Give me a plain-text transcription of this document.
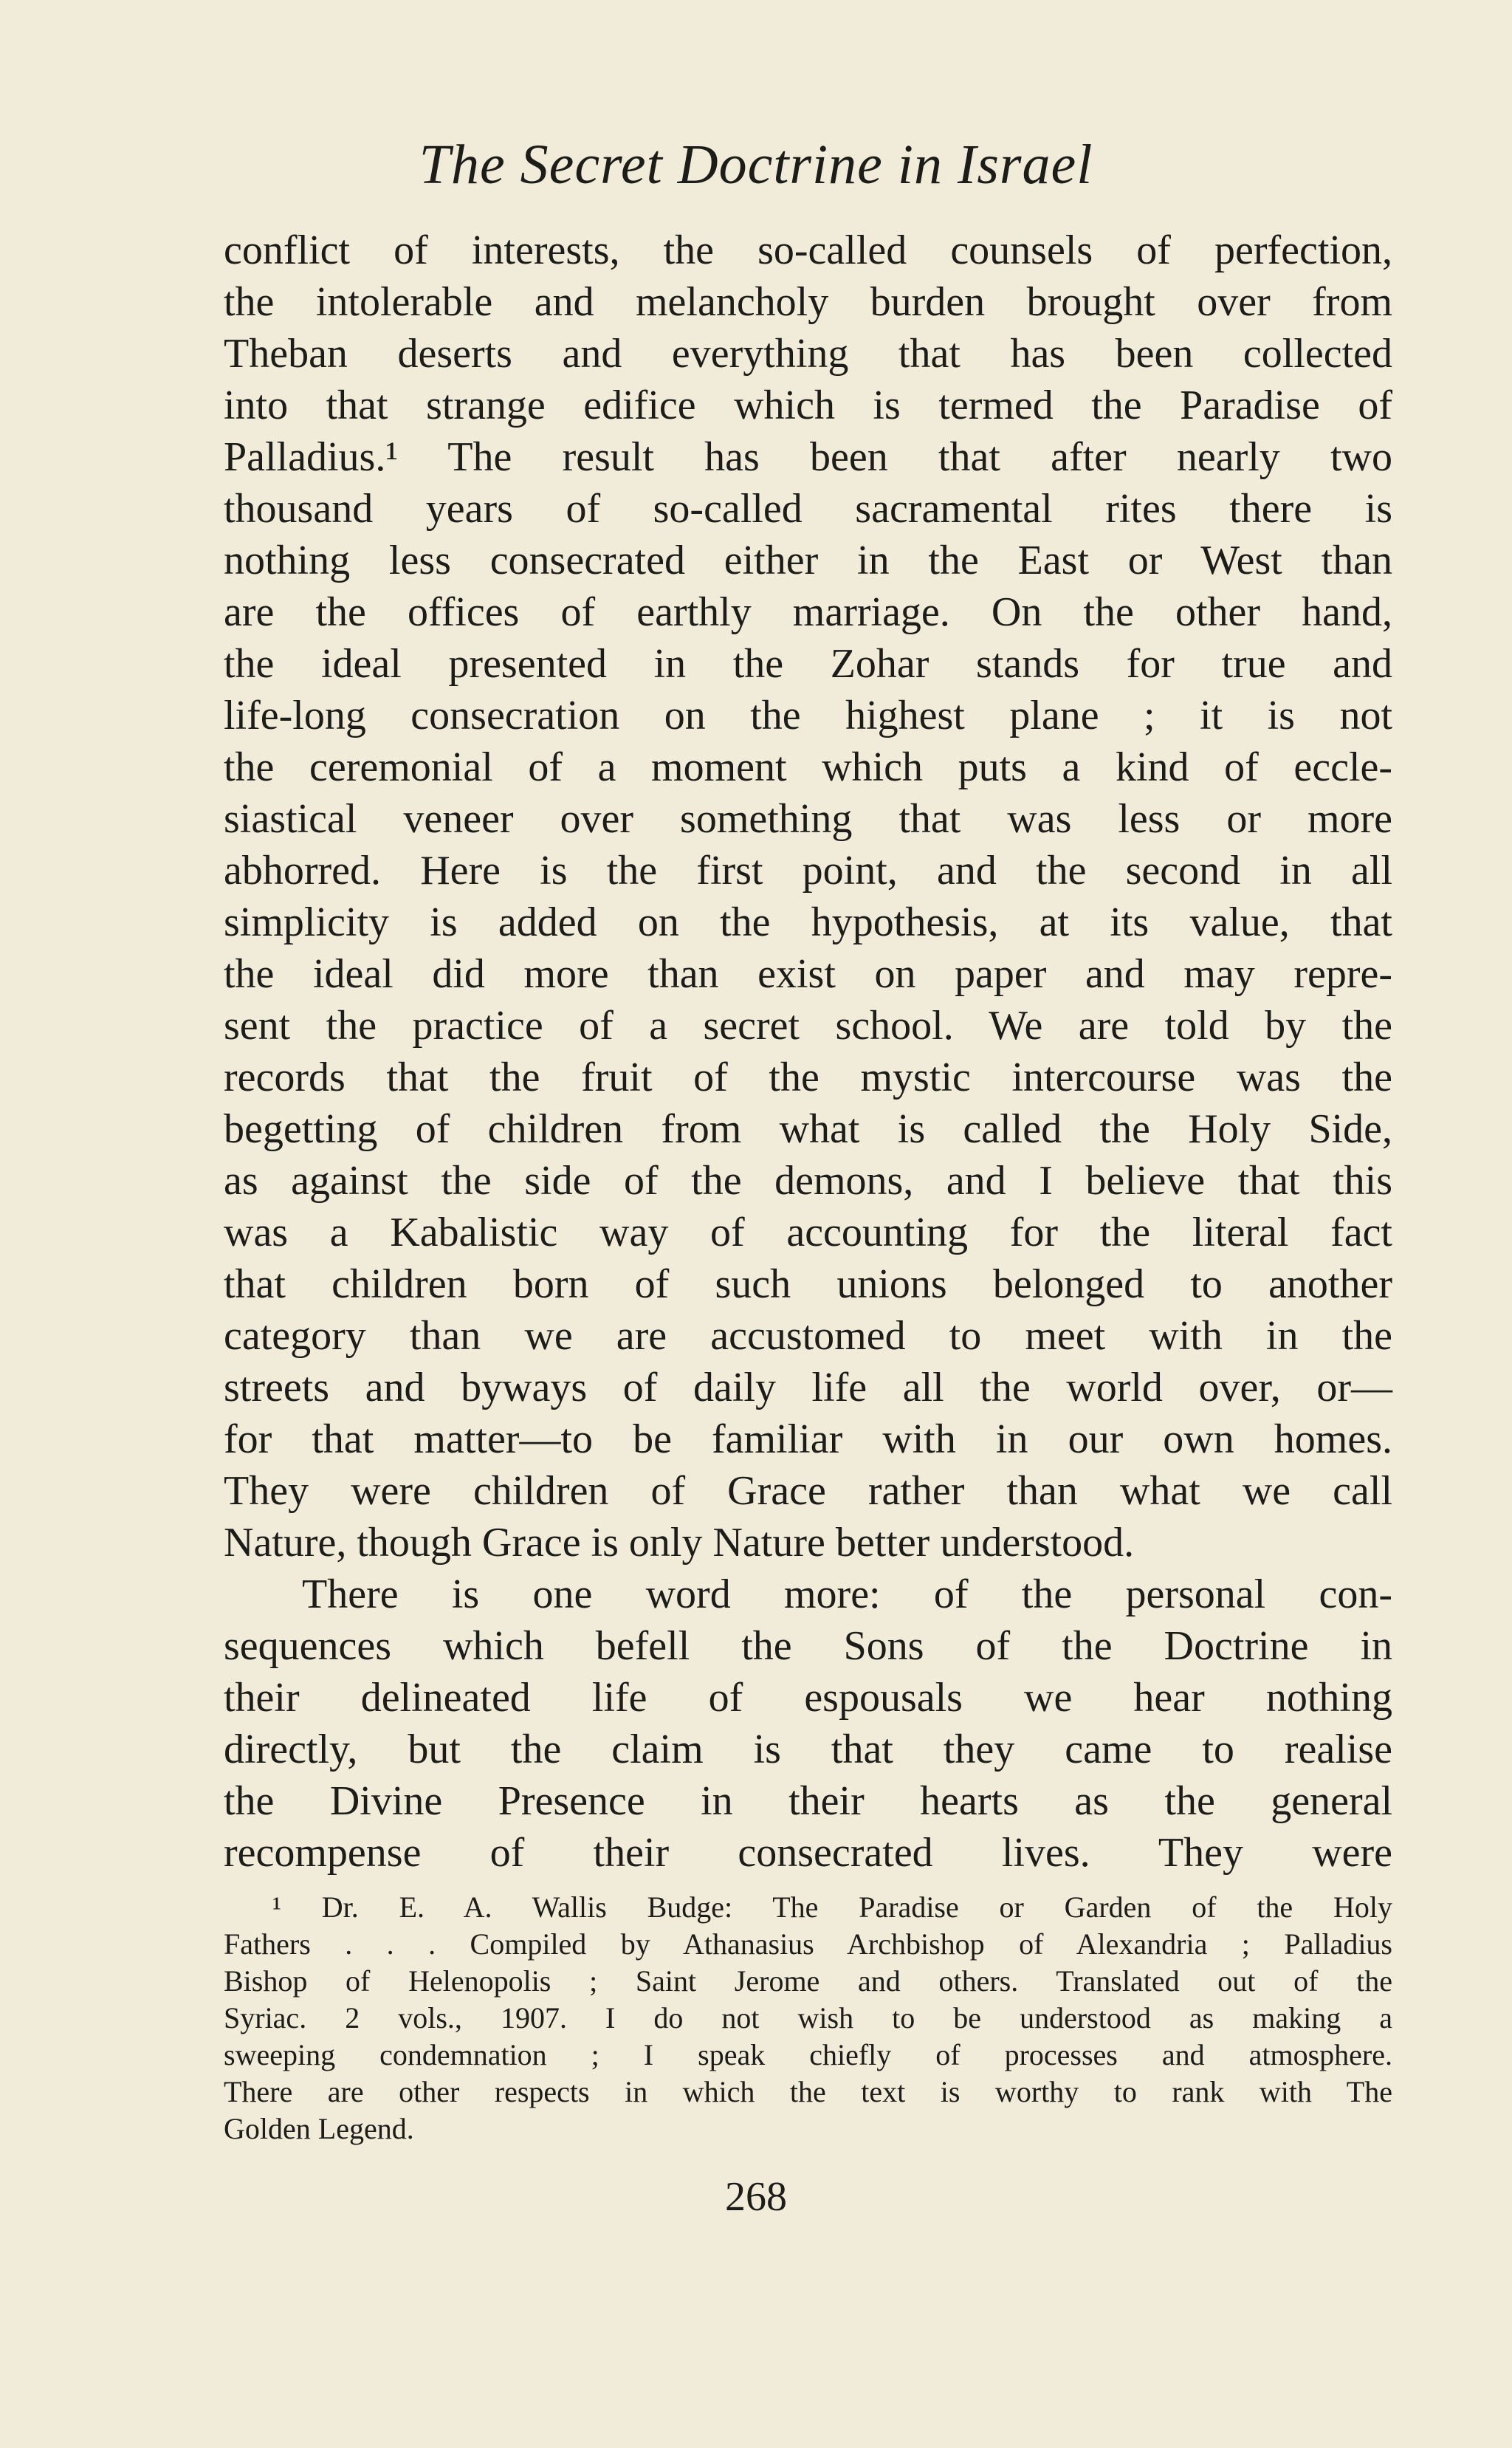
The Secret Doctrine in Israel
conflict of interests, the so-called counsels of perfection,
the intolerable and melancholy burden brought over from
Theban deserts and everything that has been collected
into that strange edifice which is termed the Paradise of
Palladius.¹ The result has been that after nearly two
thousand years of so-called sacramental rites there is
nothing less consecrated either in the East or West than
are the offices of earthly marriage. On the other hand,
the ideal presented in the Zohar stands for true and
life-long consecration on the highest plane ; it is not
the ceremonial of a moment which puts a kind of eccle-
siastical veneer over something that was less or more
abhorred. Here is the first point, and the second in all
simplicity is added on the hypothesis, at its value, that
the ideal did more than exist on paper and may repre-
sent the practice of a secret school. We are told by the
records that the fruit of the mystic intercourse was the
begetting of children from what is called the Holy Side,
as against the side of the demons, and I believe that this
was a Kabalistic way of accounting for the literal fact
that children born of such unions belonged to another
category than we are accustomed to meet with in the
streets and byways of daily life all the world over, or—
for that matter—to be familiar with in our own homes.
They were children of Grace rather than what we call
Nature, though Grace is only Nature better understood.
There is one word more: of the personal con-
sequences which befell the Sons of the Doctrine in
their delineated life of espousals we hear nothing
directly, but the claim is that they came to realise
the Divine Presence in their hearts as the general
recompense of their consecrated lives. They were
¹ Dr. E. A. Wallis Budge: The Paradise or Garden of the Holy
Fathers . . . Compiled by Athanasius Archbishop of Alexandria ; Palladius
Bishop of Helenopolis ; Saint Jerome and others. Translated out of the
Syriac. 2 vols., 1907. I do not wish to be understood as making a
sweeping condemnation ; I speak chiefly of processes and atmosphere.
There are other respects in which the text is worthy to rank with The
Golden Legend.
268
